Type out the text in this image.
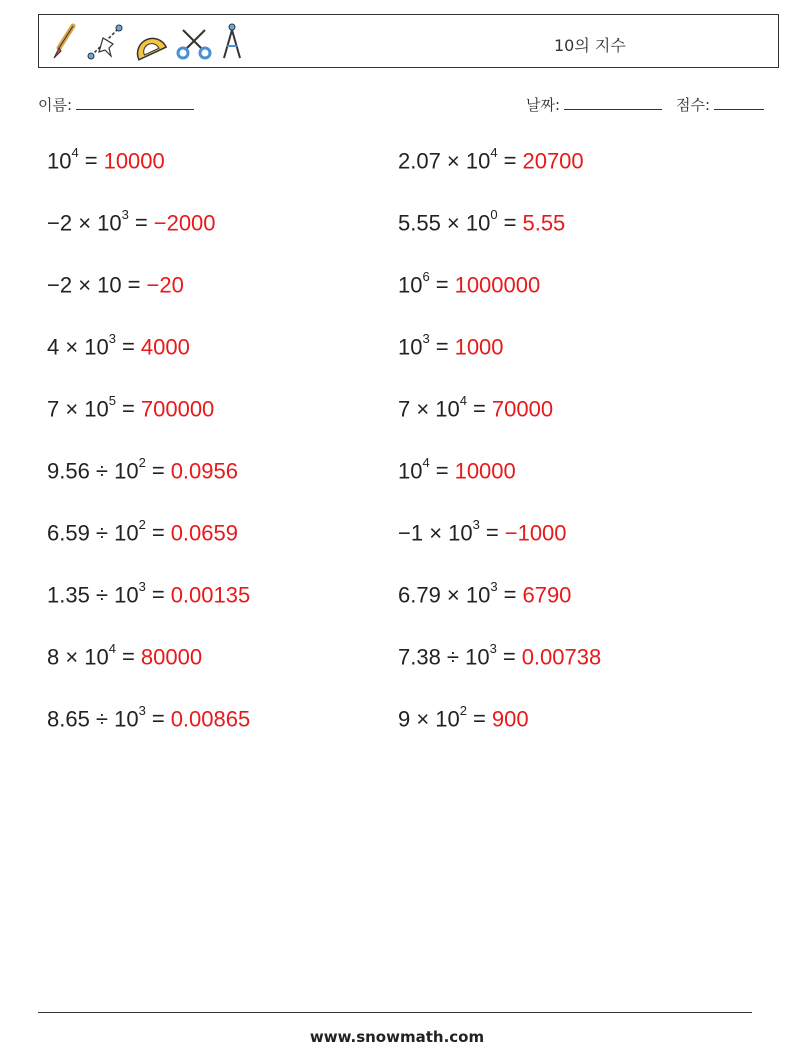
10의 지수
이름:	날짜:	점수:
$10^4 = 10000$	$2.07 \times 10^4 = 20700$
$-2 \times 10^3 = -2000$	$5.55 \times 10^0 = 5.55$
−2 × 10 = −20	$10^6 = 1000000$
$4 \times 10^3 = 4000$	$10^3 = 1000$
$7 \times 10^5 = 700000$	$7 \times 10^4 = 70000$
$9.56 \div 10^2 = 0.0956$	$10^4 = 10000$
$6.59 \div 10^2 = 0.0659$	$-1 \times 10^3 = -1000$
$1.35 \div 10^3 = 0.00135$	$6.79 \times 10^3 = 6790$
$8 \times 10^4 = 80000$	$7.38 \div 10^3 = 0.00738$
$8.65 \div 10^3 = 0.00865$	$9 \times 10^2 = 900$
www.snowmath.com
